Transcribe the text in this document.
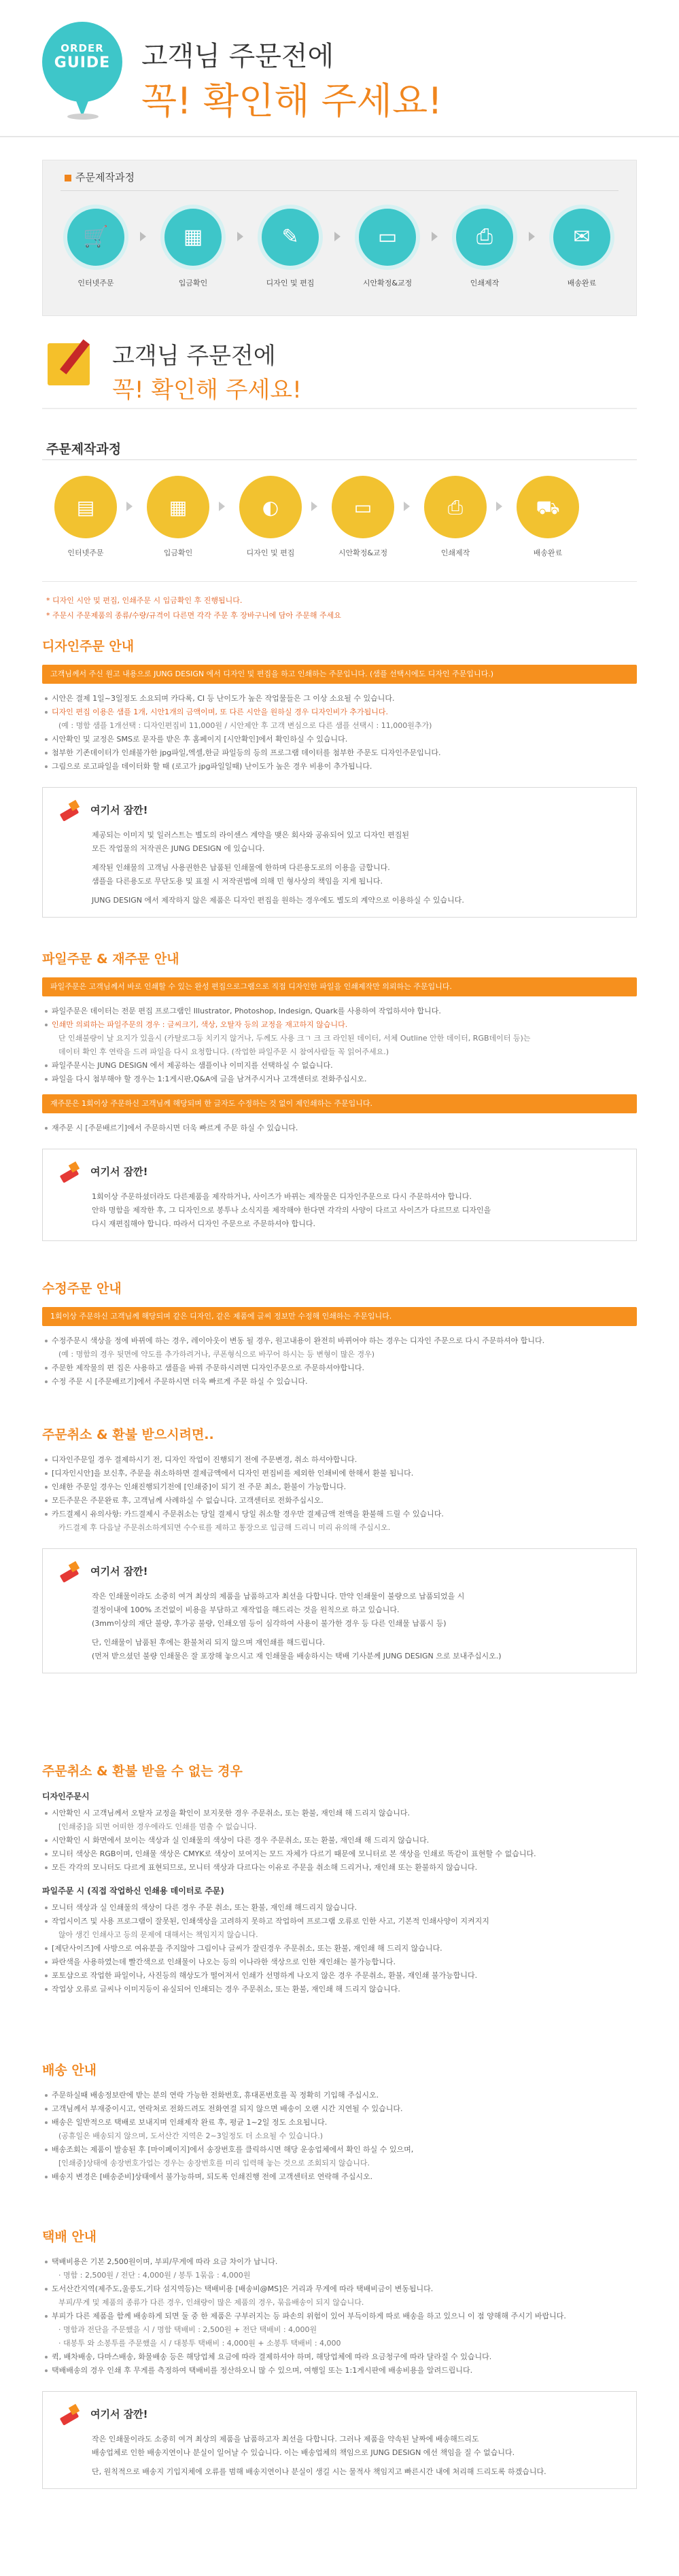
ORDER
GUIDE	고객님 주문전에
꼭! 확인해 주세요!
주문제작과정
🛒
인터넷주문
▦
입금확인
✎
디자인 및 편집
▭
시안확정&교정
⎙
인쇄제작
✉
배송완료
고객님 주문전에
꼭! 확인해 주세요!
주문제작과정
▤
인터넷주문
▦
입금확인
◐
디자인 및 편집
▭
시안확정&교정
⎙
인쇄제작
⛟
배송완료
* 디자인 시안 및 편집, 인쇄주문 시 입금확인 후 진행됩니다.
* 주문시 주문제품의 종류/수량/규격이 다른면 각각 주문 후 장바구니에 담아 주문해 주세요
디자인주문 안내
고객님께서 주신 원고 내용으로 JUNG DESIGN 에서 디자인 및 편집을 하고 인쇄하는 주문입니다. (샘플 선택시에도 디자인 주문입니다.)
시안은 결제 1일~3일정도 소요되며 카다록, CI 등 난이도가 높은 작업물들은 그 이상 소요될 수 있습니다.
디자인 편집 이용은 샘플 1개, 시안1개의 금액이며, 또 다른 시안을 원하실 경우 디자인비가 추가됩니다.
(예 : 명함 샘플 1개선택 : 디자인편집비 11,000원 / 시안제안 후 고객 변심으로 다른 샘플 선택시 : 11,000원추가)
시안확인 및 교정은 SMS로 문자를 받은 후 홈페이지 [시안확인]에서 확인하실 수 있습니다.
첨부한 기존데이터가 인쇄불가한 jpg파일,엑셀,한글 파일등의 등의 프로그램 데이터를 첨부한 주문도 디자인주문입니다.
그림으로 로고파일을 데이터화 할 때 (로고가 jpg파일일때) 난이도가 높은 경우 비용이 추가됩니다.
여기서 잠깐!
제공되는 이미지 및 일러스트는 별도의 라이센스 계약을 맺은 회사와 공유되어 있고 디자인 편집된
모든 작업물의 저작권은 JUNG DESIGN 에 있습니다.
제작된 인쇄물의 고객님 사용권한은 납품된 인쇄물에 한하며 다른용도로의 이용을 금합니다.
샘플을 다른용도로 무단도용 및 표절 시 저작권법에 의해 민 형사상의 책임을 지게 됩니다.
JUNG DESIGN 에서 제작하지 않은 제품은 디자인 편집을 원하는 경우에도 별도의 계약으로 이용하실 수 있습니다.
파일주문 & 재주문 안내
파일주문은 고객님께서 바로 인쇄할 수 있는 완성 편집으로그램으로 직접 디자인한 파일을 인쇄제작만 의뢰하는 주문입니다.
파일주문은 데이터는 전문 편집 프로그램인 Illustrator, Photoshop, Indesign, Quark를 사용하여 작업하셔야 합니다.
인쇄만 의뢰하는 파일주문의 경우 : 글씨크기, 색상, 오탈자 등의 교정을 재고하지 않습니다.
단 인쇄불량이 날 요지가 있을시 (카탈로그등 치키지 않거나, 두께도 사용 크ㄱ 크 크 라인된 데이터, 서체 Outline 안한 데이터, RGB데이터 등)는
데이터 확인 후 연락을 드려 파일을 다시 요청합니다. (작업한 파일주문 시 참여사람들 꼭 읽어주세요.)
파일주문시는 JUNG DESIGN 에서 제공하는 샘플이나 이미지를 선택하실 수 없습니다.
파일을 다시 첨부해야 할 경우는 1:1게시판,Q&A에 글을 남겨주시거나 고객센터로 전화주십시오.
재주문은 1회이상 주문하신 고객님께 해당되며 한 글자도 수정하는 것 없이 제인쇄하는 주문입니다.
재주문 시 [주문배르기]에서 주문하시면 더욱 빠르게 주문 하실 수 있습니다.
여기서 잠깐!
1회이상 주문하셨더라도 다른제품을 제작하거나, 사이즈가 바뀌는 제작물은 디자인주문으로 다시 주문하셔야 합니다.
안하 명함을 제작한 후, 그 디자인으로 봉투나 소식지를 제작해야 한다면 각각의 사양이 다르고 사이즈가 다르므로 디자인을
다시 재편집해야 합니다. 따라서 디자인 주문으로 주문하셔야 합니다.
수정주문 안내
1회이상 주문하신 고객님께 해당되며 같은 디자인, 같은 제품에 글씨 정보만 수정해 인쇄하는 주문입니다.
수정주문시 색상을 정에 바뀌에 하는 경우, 레이아웃이 변동 될 경우, 원고내용이 완전히 바뀌어야 하는 경우는 디자인 주문으로 다시 주문하셔야 합니다.
(예 : 명함의 경우 뒷면에 약도를 추가하려거나, 쿠폰형식으로 바꾸어 하시는 등 변형이 많은 경우)
주문한 제작물의 편 집은 사용하고 샘플을 바꿔 주문하시려면 디자인주문으로 주문하셔야합니다.
수정 주문 시 [주문배르기]에서 주문하시면 더욱 빠르게 주문 하실 수 있습니다.
주문취소 & 환불 받으시려면..
디자인주문일 경우 결제하시기 전, 디자인 작업이 진행되기 전에 주문변경, 취소 하셔야합니다.
[디자인시안]을 보신후, 주문을 취소하하면 결제금액에서 디자인 편집비를 제외한 인쇄비에 한해서 환불 됩니다.
인쇄한 주문일 경우는 인쇄진행되기전에 [인쇄중]이 되기 전 주문 최소, 환불이 가능합니다.
모든주문은 주문완료 후, 고객님께 사례하실 수 없습니다. 고객센터로 전화주십시오.
카드결제시 유의사항: 카드결제시 주문취소는 당일 결제시 당일 취소할 경우만 결제금액 전액을 환불해 드릴 수 있습니다.
카드결제 후 다음날 주문취소하게되면 수수료를 제하고 통장으로 입금해 드리니 미리 유의해 주십시오.
여기서 잠깐!
작은 인쇄물이라도 소중히 여겨 최상의 제품을 납품하고자 최선을 다합니다. 만약 인쇄물이 불량으로 납품되었을 시
결정이내에 100% 조건없이 비용을 부담하고 재작업을 해드리는 것을 원칙으로 하고 있습니다.
(3mm이상의 재단 불량, 후가공 불량, 인쇄오염 등이 심각하여 사용이 불가한 경우 등 다른 인쇄물 납품시 등)
단, 인쇄물이 납품된 후에는 환불처리 되지 않으며 재인쇄를 해드립니다.
(먼저 받으셨던 불량 인쇄물은 잘 포장해 놓으시고 재 인쇄물을 배송하시는 택배 기사분께 JUNG DESIGN 으로 보내주십시오.)
주문취소 & 환불 받을 수 없는 경우
디자인주문시
시안확인 시 고객님께서 오탈자 교정을 확인이 보지못한 경우 주문취소, 또는 환불, 재인쇄 해 드리지 않습니다.
[인쇄중]을 되면 어떠한 경우에라도 인쇄를 멈출 수 없습니다.
시안확인 시 화면에서 보이는 색상과 실 인쇄물의 색상이 다른 경우 주문취소, 또는 환불, 재인쇄 해 드리지 않습니다.
모니터 색상은 RGB이며, 인쇄물 색상은 CMYK로 색상이 보여지는 모드 자체가 다르기 때문에 모니터로 본 색상을 인쇄로 똑같이 표현할 수 없습니다.
모든 각각의 모니터도 다르게 표현되므로, 모니터 색상과 다르다는 이유로 주문을 취소해 드리거나, 재인쇄 또는 환불하지 않습니다.
파일주문 시 (직접 작업하신 인쇄용 데이터로 주문)
모니터 색상과 실 인쇄물의 색상이 다른 경우 주문 취소, 또는 환불, 재인쇄 해드리지 않습니다.
작업시이즈 및 사용 프로그램이 잘못된, 인쇄색상을 고려하지 못하고 작업하여 프로그램 오류로 인한 사고, 기본적 인쇄사양이 지켜지지
않아 생긴 인쇄사고 등의 문제에 대해서는 책임지지 않습니다.
[제단사이즈]에 사방으로 여유분을 주지않아 그림이나 글씨가 잘린경우 주문취소, 또는 환불, 재인쇄 해 드리지 않습니다.
파란색을 사용하였는데 빨간색으로 인쇄물이 나오는 등의 이나라한 색상으로 인한 재인쇄는 불가능합니다.
포토샵으로 작업한 파일이나, 사진등의 해상도가 떨어져서 인쇄가 선명하게 나오지 않은 경우 주문취소, 환불, 재인쇄 불가능합니다.
작업상 오류로 글씨나 이미지등이 유실되어 인쇄되는 경우 주문취소, 또는 환불, 재인쇄 해 드리지 않습니다.
배송 안내
주문하실때 배송정보란에 받는 분의 연락 가능한 전화번호, 휴대폰번호를 꼭 정확히 기입해 주십시오.
고객님께서 부재중이시고, 연락처로 전화드려도 전화연결 되지 않으면 배송이 오랜 시간 지연될 수 있습니다.
배송은 일반적으로 택배로 보내지며 인쇄제작 완료 후, 평균 1~2일 정도 소요됩니다.
(공휴일은 배송되지 않으며, 도서산간 지역은 2~3일정도 더 소요될 수 있습니다.)
배송조회는 제품이 발송된 후 [마이페이지]에서 송장번호를 클릭하시면 해당 운송업체에서 확인 하실 수 있으며,
[인쇄중]상태에 송장번호가업는 경우는 송장번호를 미리 입력해 놓는 것으로 조회되지 않습니다.
배송지 변경은 [배송준비]상태에서 불가능하며, 되도록 인쇄진행 전에 고객센터로 연락해 주십시오.
택배 안내
택배비용은 기본 2,500원이며, 부피/무게에 따라 요금 차이가 납니다.
· 명함 : 2,500원 / 전단 : 4,000원 / 봉투 1묶음 : 4,000원
도서산간지역(제주도,울릉도,기타 섬지역등)는 택배비용 [배송비@MS]은 거리과 무게에 따라 택배비금이 변동됩니다.
부피/무게 및 제품의 종류가 다른 경우, 인쇄량이 많은 제품의 경우, 묶음배송이 되지 않습니다.
부피가 다른 제품을 함께 배송하게 되면 둘 중 한 제품은 구부러지는 등 파손의 위험이 있어 부득이하게 따로 배송을 하고 있으니 이 점 양해해 주시기 바랍니다.
· 명함과 전단을 주문했을 시 / 명함 택배비 : 2,500원 + 전단 택배비 : 4,000원
· 대봉투 와 소봉투를 주문했을 시 / 대봉투 택배비 : 4,000원 + 소봉투 택배비 : 4,000
퀵, 배차배송, 다마스배송, 화물배송 등은 해당업체 요금에 따라 결제하셔야 하며, 해당업체에 따라 요금청구에 따라 달라질 수 있습니다.
택배배송의 경우 인쇄 후 무게를 측정하여 택배비를 정산하오니 많 수 있으며, 여행일 또는 1:1게시판에 배송비용을 알려드립니다.
여기서 잠깐!
작은 인쇄물이라도 소중히 여겨 최상의 제품을 납품하고자 최선을 다합니다. 그러나 제품을 약속된 날짜에 배송해드리도
배송업체로 인한 배송지연이나 분실이 일어날 수 있습니다. 이는 배송업체의 책임으로 JUNG DESIGN 에선 책임을 질 수 없습니다.
단, 원칙적으로 배송지 기입지체에 오류를 범해 배송지연이나 분실이 생길 시는 물적사 책임지고 빠른시간 내에 처리해 드리도록 하겠습니다.
